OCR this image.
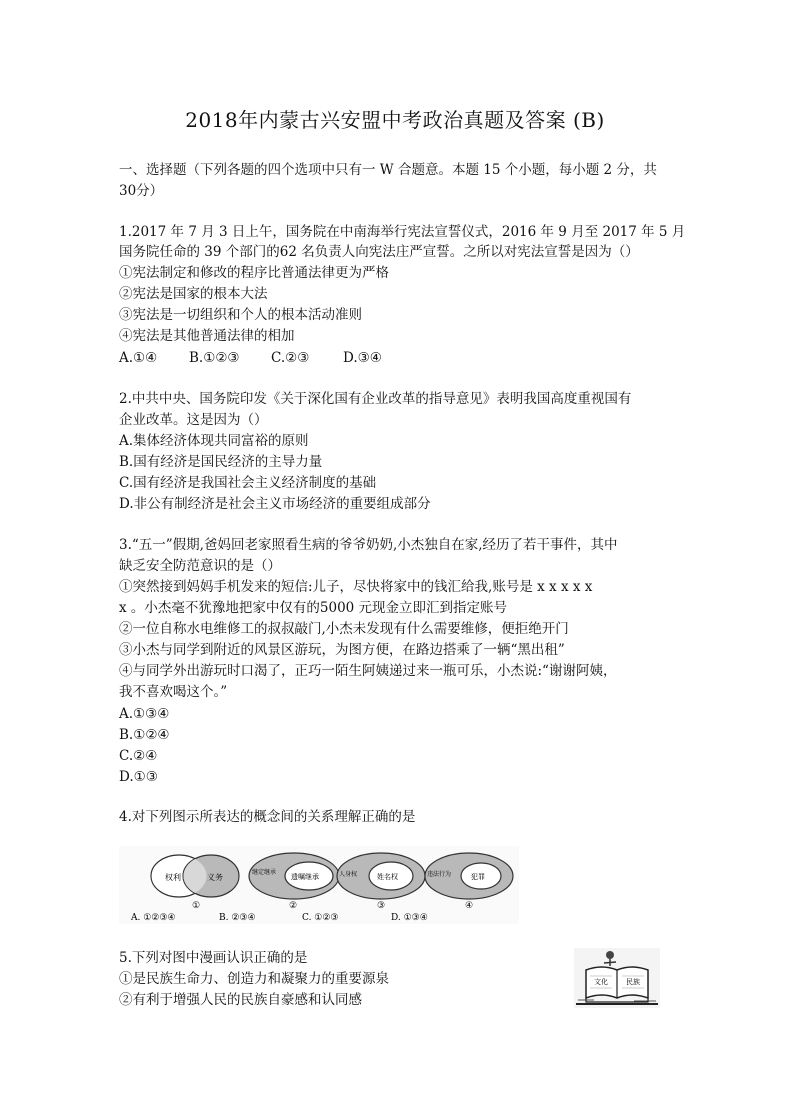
2018年内蒙古兴安盟中考政治真题及答案 (B)
一、选择题（下列各题的四个选项中只有一 W 合题意。本题 15 个小题，每小题 2 分，共
30分）
1.2017 年 7 月 3 日上午，国务院在中南海举行宪法宣誓仪式，2016 年 9 月至 2017 年 5 月
国务院任命的 39 个部门的62 名负责人向宪法庄严宣誓。之所以对宪法宣誓是因为（）
①宪法制定和修改的程序比普通法律更为严格
②宪法是国家的根本大法
③宪法是一切组织和个人的根本活动准则
④宪法是其他普通法律的相加
A.①④ B.①②③ C.②③ D.③④
2.中共中央、国务院印发《关于深化国有企业改革的指导意见》表明我国高度重视国有
企业改革。这是因为（）
A.集体经济体现共同富裕的原则
B.国有经济是国民经济的主导力量
C.国有经济是我国社会主义经济制度的基础
D.非公有制经济是社会主义市场经济的重要组成部分
3.“五一”假期,爸妈回老家照看生病的爷爷奶奶,小杰独自在家,经历了若干事件，其中
缺乏安全防范意识的是（）
①突然接到妈妈手机发来的短信:儿子，尽快将家中的钱汇给我,账号是 x x x x x
x 。小杰毫不犹豫地把家中仅有的5000 元现金立即汇到指定账号
②一位自称水电维修工的叔叔敲门,小杰未发现有什么需要维修，便拒绝开门
③小杰与同学到附近的风景区游玩，为图方便，在路边搭乘了一辆“黑出租”
④与同学外出游玩时口渴了，正巧一陌生阿姨递过来一瓶可乐，小杰说:“谢谢阿姨，
我不喜欢喝这个。”
A.①③④
B.①②④
C.②④
D.①③
4.对下列图示所表达的概念间的关系理解正确的是
权利	义务
①
继定继承
遗嘱继承
②
人身权	姓名权
③
违法行为	犯罪
④
A. ①②③④	B. ②③④	C. ①②③	D. ①③④
5.下列对图中漫画认识正确的是
①是民族生命力、创造力和凝聚力的重要源泉
②有利于增强人民的民族自豪感和认同感
文化	民族
